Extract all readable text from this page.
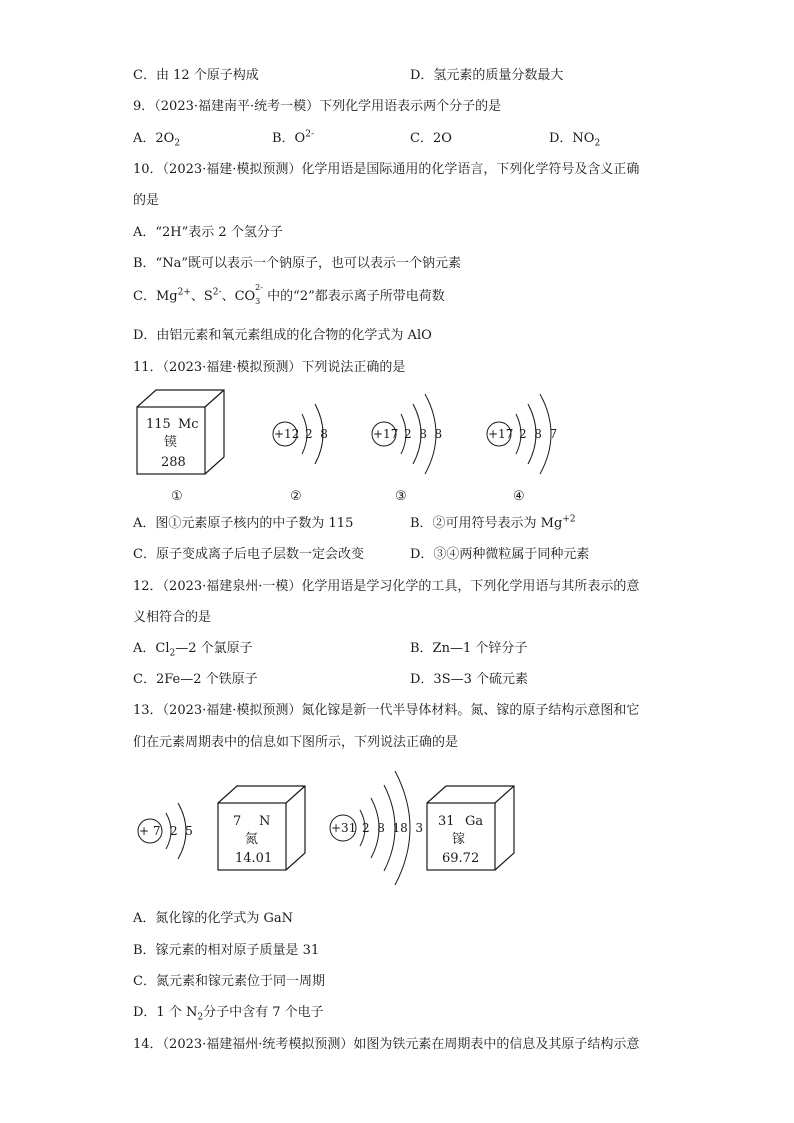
C．由 12 个原子构成	D．氢元素的质量分数最大
9．（2023·福建南平·统考一模）下列化学用语表示两个分子的是
A．$2O_2$	B．$O^{2-}$	C．2O	D．$NO_2$
10．（2023·福建·模拟预测）化学用语是国际通用的化学语言，下列化学符号及含义正确
的是
A．“2H”表示 2 个氢分子
B．“Na”既可以表示一个钠原子，也可以表示一个钠元素
C．$Mg^{2+}$、$S^{2-}$、CO
2-
3 中的“2”都表示离子所带电荷数
D．由铝元素和氧元素组成的化合物的化学式为 AlO
11．（2023·福建·模拟预测）下列说法正确的是
115 Mc
镆
288
+12 2  8	+17 2  8  8	+17 2  8  7
①	②	③	④
A．图①元素原子核内的中子数为 115	B．②可用符号表示为 $Mg^{+2}$
C．原子变成离子后电子层数一定会改变	D．③④两种微粒属于同种元素
12．（2023·福建泉州·一模）化学用语是学习化学的工具，下列化学用语与其所表示的意
义相符合的是
A．$Cl_2—2$ 个氯原子	B．Zn—1 个锌分子
C．2Fe—2 个铁原子	D．3S—3 个硫元素
13．（2023·福建·模拟预测）氮化镓是新一代半导体材料。氮、镓的原子结构示意图和它
们在元素周期表中的信息如下图所示，下列说法正确的是
+ 7 2  5
7 N
氮
14.01
+31 2  8  18  3 31 Ga
镓
69.72
A．氮化镓的化学式为 GaN
B．镓元素的相对原子质量是 31
C．氮元素和镓元素位于同一周期
D．1 个 $N_2$分子中含有 7 个电子
14．（2023·福建福州·统考模拟预测）如图为铁元素在周期表中的信息及其原子结构示意
